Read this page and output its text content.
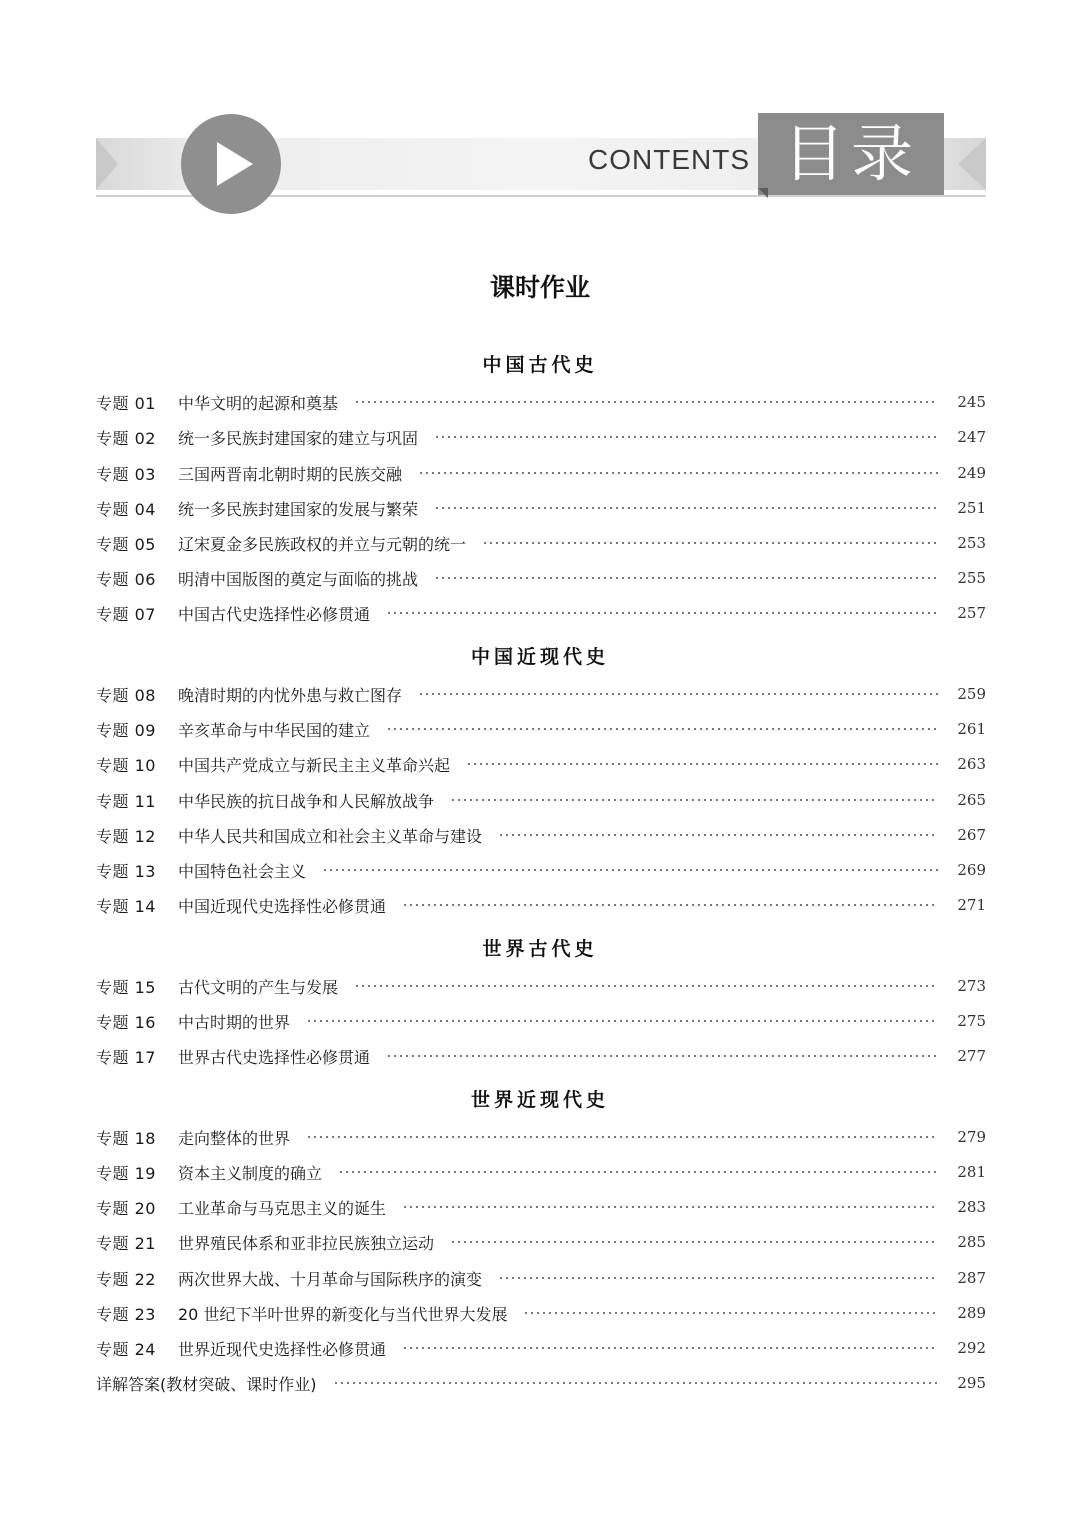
CONTENTS 目录
课时作业
中国古代史
专题 01	中华文明的起源和奠基	245
专题 02	统一多民族封建国家的建立与巩固	247
专题 03	三国两晋南北朝时期的民族交融	249
专题 04	统一多民族封建国家的发展与繁荣	251
专题 05	辽宋夏金多民族政权的并立与元朝的统一	253
专题 06	明清中国版图的奠定与面临的挑战	255
专题 07	中国古代史选择性必修贯通	257
中国近现代史
专题 08	晚清时期的内忧外患与救亡图存	259
专题 09	辛亥革命与中华民国的建立	261
专题 10	中国共产党成立与新民主主义革命兴起	263
专题 11	中华民族的抗日战争和人民解放战争	265
专题 12	中华人民共和国成立和社会主义革命与建设	267
专题 13	中国特色社会主义	269
专题 14	中国近现代史选择性必修贯通	271
世界古代史
专题 15	古代文明的产生与发展	273
专题 16	中古时期的世界	275
专题 17	世界古代史选择性必修贯通	277
世界近现代史
专题 18	走向整体的世界	279
专题 19	资本主义制度的确立	281
专题 20	工业革命与马克思主义的诞生	283
专题 21	世界殖民体系和亚非拉民族独立运动	285
专题 22	两次世界大战、十月革命与国际秩序的演变	287
专题 23	20 世纪下半叶世界的新变化与当代世界大发展	289
专题 24	世界近现代史选择性必修贯通	292
详解答案(教材突破、课时作业)	295
